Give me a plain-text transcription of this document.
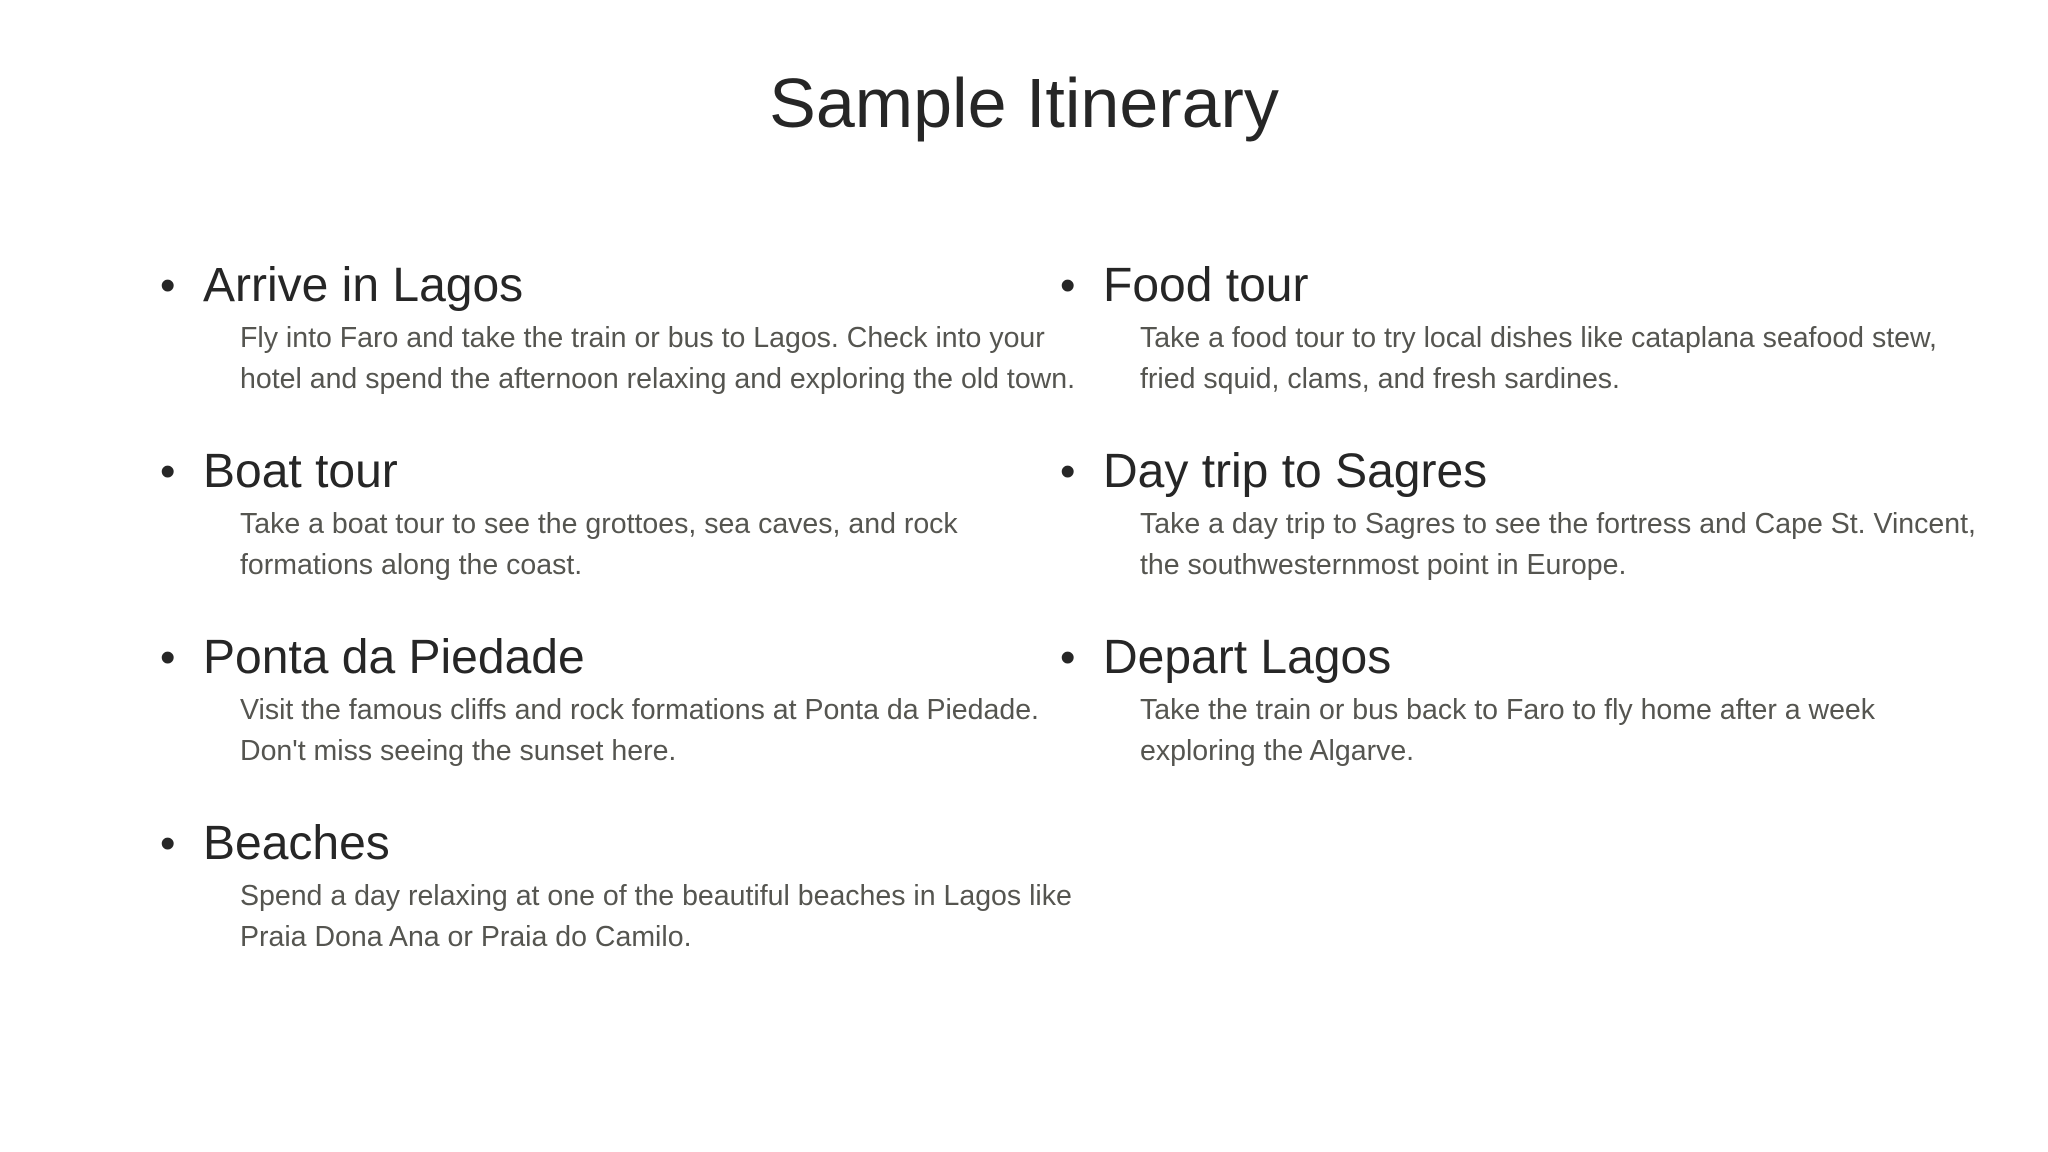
Sample Itinerary
• Arrive in Lagos

Fly into Faro and take the train or bus to Lagos. Check into your hotel and spend the afternoon relaxing and exploring the old town.

• Boat tour

Take a boat tour to see the grottoes, sea caves, and rock formations along the coast.

• Ponta da Piedade

Visit the famous cliffs and rock formations at Ponta da Piedade. Don't miss seeing the sunset here.

• Beaches

Spend a day relaxing at one of the beautiful beaches in Lagos like Praia Dona Ana or Praia do Camilo.

• Food tour

Take a food tour to try local dishes like cataplana seafood stew, fried squid, clams, and fresh sardines.

• Day trip to Sagres

Take a day trip to Sagres to see the fortress and Cape St. Vincent, the southwesternmost point in Europe.

• Depart Lagos

Take the train or bus back to Faro to fly home after a week exploring the Algarve.
